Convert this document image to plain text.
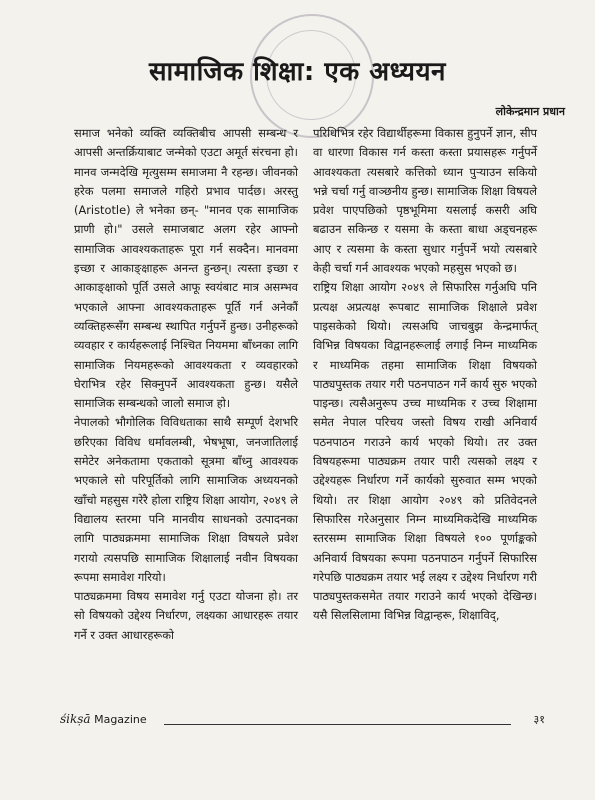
सामाजिक शिक्षा: एक अध्ययन
लोकेन्द्रमान प्रधान

समाज भनेको व्यक्ति व्यक्तिबीच आपसी सम्बन्ध र आपसी अन्तर्क्रियाबाट जन्मेको एउटा अमूर्त संरचना हो। मानव जन्मदेखि मृत्युसम्म समाजमा नै रहन्छ। जीवनको हरेक पलमा समाजले गहिरो प्रभाव पार्दछ। अरस्तु (Aristotle) ले भनेका छन्- "मानव एक सामाजिक प्राणी हो।" उसले समाजबाट अलग रहेर आफ्नो सामाजिक आवश्यकताहरू पूरा गर्न सक्दैन। मानवमा इच्छा र आकाङ्क्षाहरू अनन्त हुन्छन्। त्यस्ता इच्छा र आकाङ्क्षाको पूर्ति उसले आफू स्वयंबाट मात्र असम्भव भएकाले आफ्ना आवश्यकताहरू पूर्ति गर्न अनेकौं व्यक्तिहरूसँग सम्बन्ध स्थापित गर्नुपर्ने हुन्छ। उनीहरूको व्यवहार र कार्यहरूलाई निश्चित नियममा बाँध्नका लागि सामाजिक नियमहरूको आवश्यकता र व्यवहारको घेराभित्र रहेर सिक्नुपर्ने आवश्यकता हुन्छ। यसैले सामाजिक सम्बन्धको जालो समाज हो।

नेपालको भौगोलिक विविधताका साथै सम्पूर्ण देशभरि छरिएका विविध धर्मावलम्बी, भेषभूषा, जनजातिलाई समेटेर अनेकतामा एकताको सूत्रमा बाँध्नु आवश्यक भएकाले सो परिपूर्तिको लागि सामाजिक अध्ययनको खाँचो महसुस गरेरै होला राष्ट्रिय शिक्षा आयोग, २०४९ ले विद्यालय स्तरमा पनि मानवीय साधनको उत्पादनका लागि पाठ्यक्रममा सामाजिक शिक्षा विषयले प्रवेश गरायो त्यसपछि सामाजिक शिक्षालाई नवीन विषयका रूपमा समावेश गरियो।

पाठ्यक्रममा विषय समावेश गर्नु एउटा योजना हो। तर सो विषयको उद्देश्य निर्धारण, लक्ष्यका आधारहरू तयार गर्ने र उक्त आधारहरूको

परिधिभित्र रहेर विद्यार्थीहरूमा विकास हुनुपर्ने ज्ञान, सीप वा धारणा विकास गर्न कस्ता कस्ता प्रयासहरू गर्नुपर्ने आवश्यकता त्यसबारे कत्तिको ध्यान पुऱ्याउन सकियो भन्ने चर्चा गर्नु वाञ्छनीय हुन्छ। सामाजिक शिक्षा विषयले प्रवेश पाएपछिको पृष्ठभूमिमा यसलाई कसरी अघि बढाउन सकिन्छ र यसमा के कस्ता बाधा अड्चनहरू आए र त्यसमा के कस्ता सुधार गर्नुपर्ने भयो त्यसबारे केही चर्चा गर्न आवश्यक भएको महसुस भएको छ।

राष्ट्रिय शिक्षा आयोग २०४९ ले सिफारिस गर्नुअघि पनि प्रत्यक्ष अप्रत्यक्ष रूपबाट सामाजिक शिक्षाले प्रवेश पाइसकेको थियो। त्यसअघि जाचबुझ केन्द्रमार्फत् विभिन्न विषयका विद्वानहरूलाई लगाई निम्न माध्यमिक र माध्यमिक तहमा सामाजिक शिक्षा विषयको पाठ्यपुस्तक तयार गरी पठनपाठन गर्ने कार्य सुरु भएको पाइन्छ। त्यसैअनुरूप उच्च माध्यमिक र उच्च शिक्षामा समेत नेपाल परिचय जस्तो विषय राखी अनिवार्य पठनपाठन गराउने कार्य भएको थियो। तर उक्त विषयहरूमा पाठ्यक्रम तयार पारी त्यसको लक्ष्य र उद्देश्यहरू निर्धारण गर्ने कार्यको सुरुवात सम्म भएको थियो। तर शिक्षा आयोग २०४९ को प्रतिवेदनले सिफारिस गरेअनुसार निम्न माध्यमिकदेखि माध्यमिक स्तरसम्म सामाजिक शिक्षा विषयले १०० पूर्णाङ्कको अनिवार्य विषयका रूपमा पठनपाठन गर्नुपर्ने सिफारिस गरेपछि पाठ्यक्रम तयार भई लक्ष्य र उद्देश्य निर्धारण गरी पाठ्यपुस्तकसमेत तयार गराउने कार्य भएको देखिन्छ। यसै सिलसिलामा विभिन्न विद्वान्हरू, शिक्षाविद्,

śikṣā Magazine	३१
